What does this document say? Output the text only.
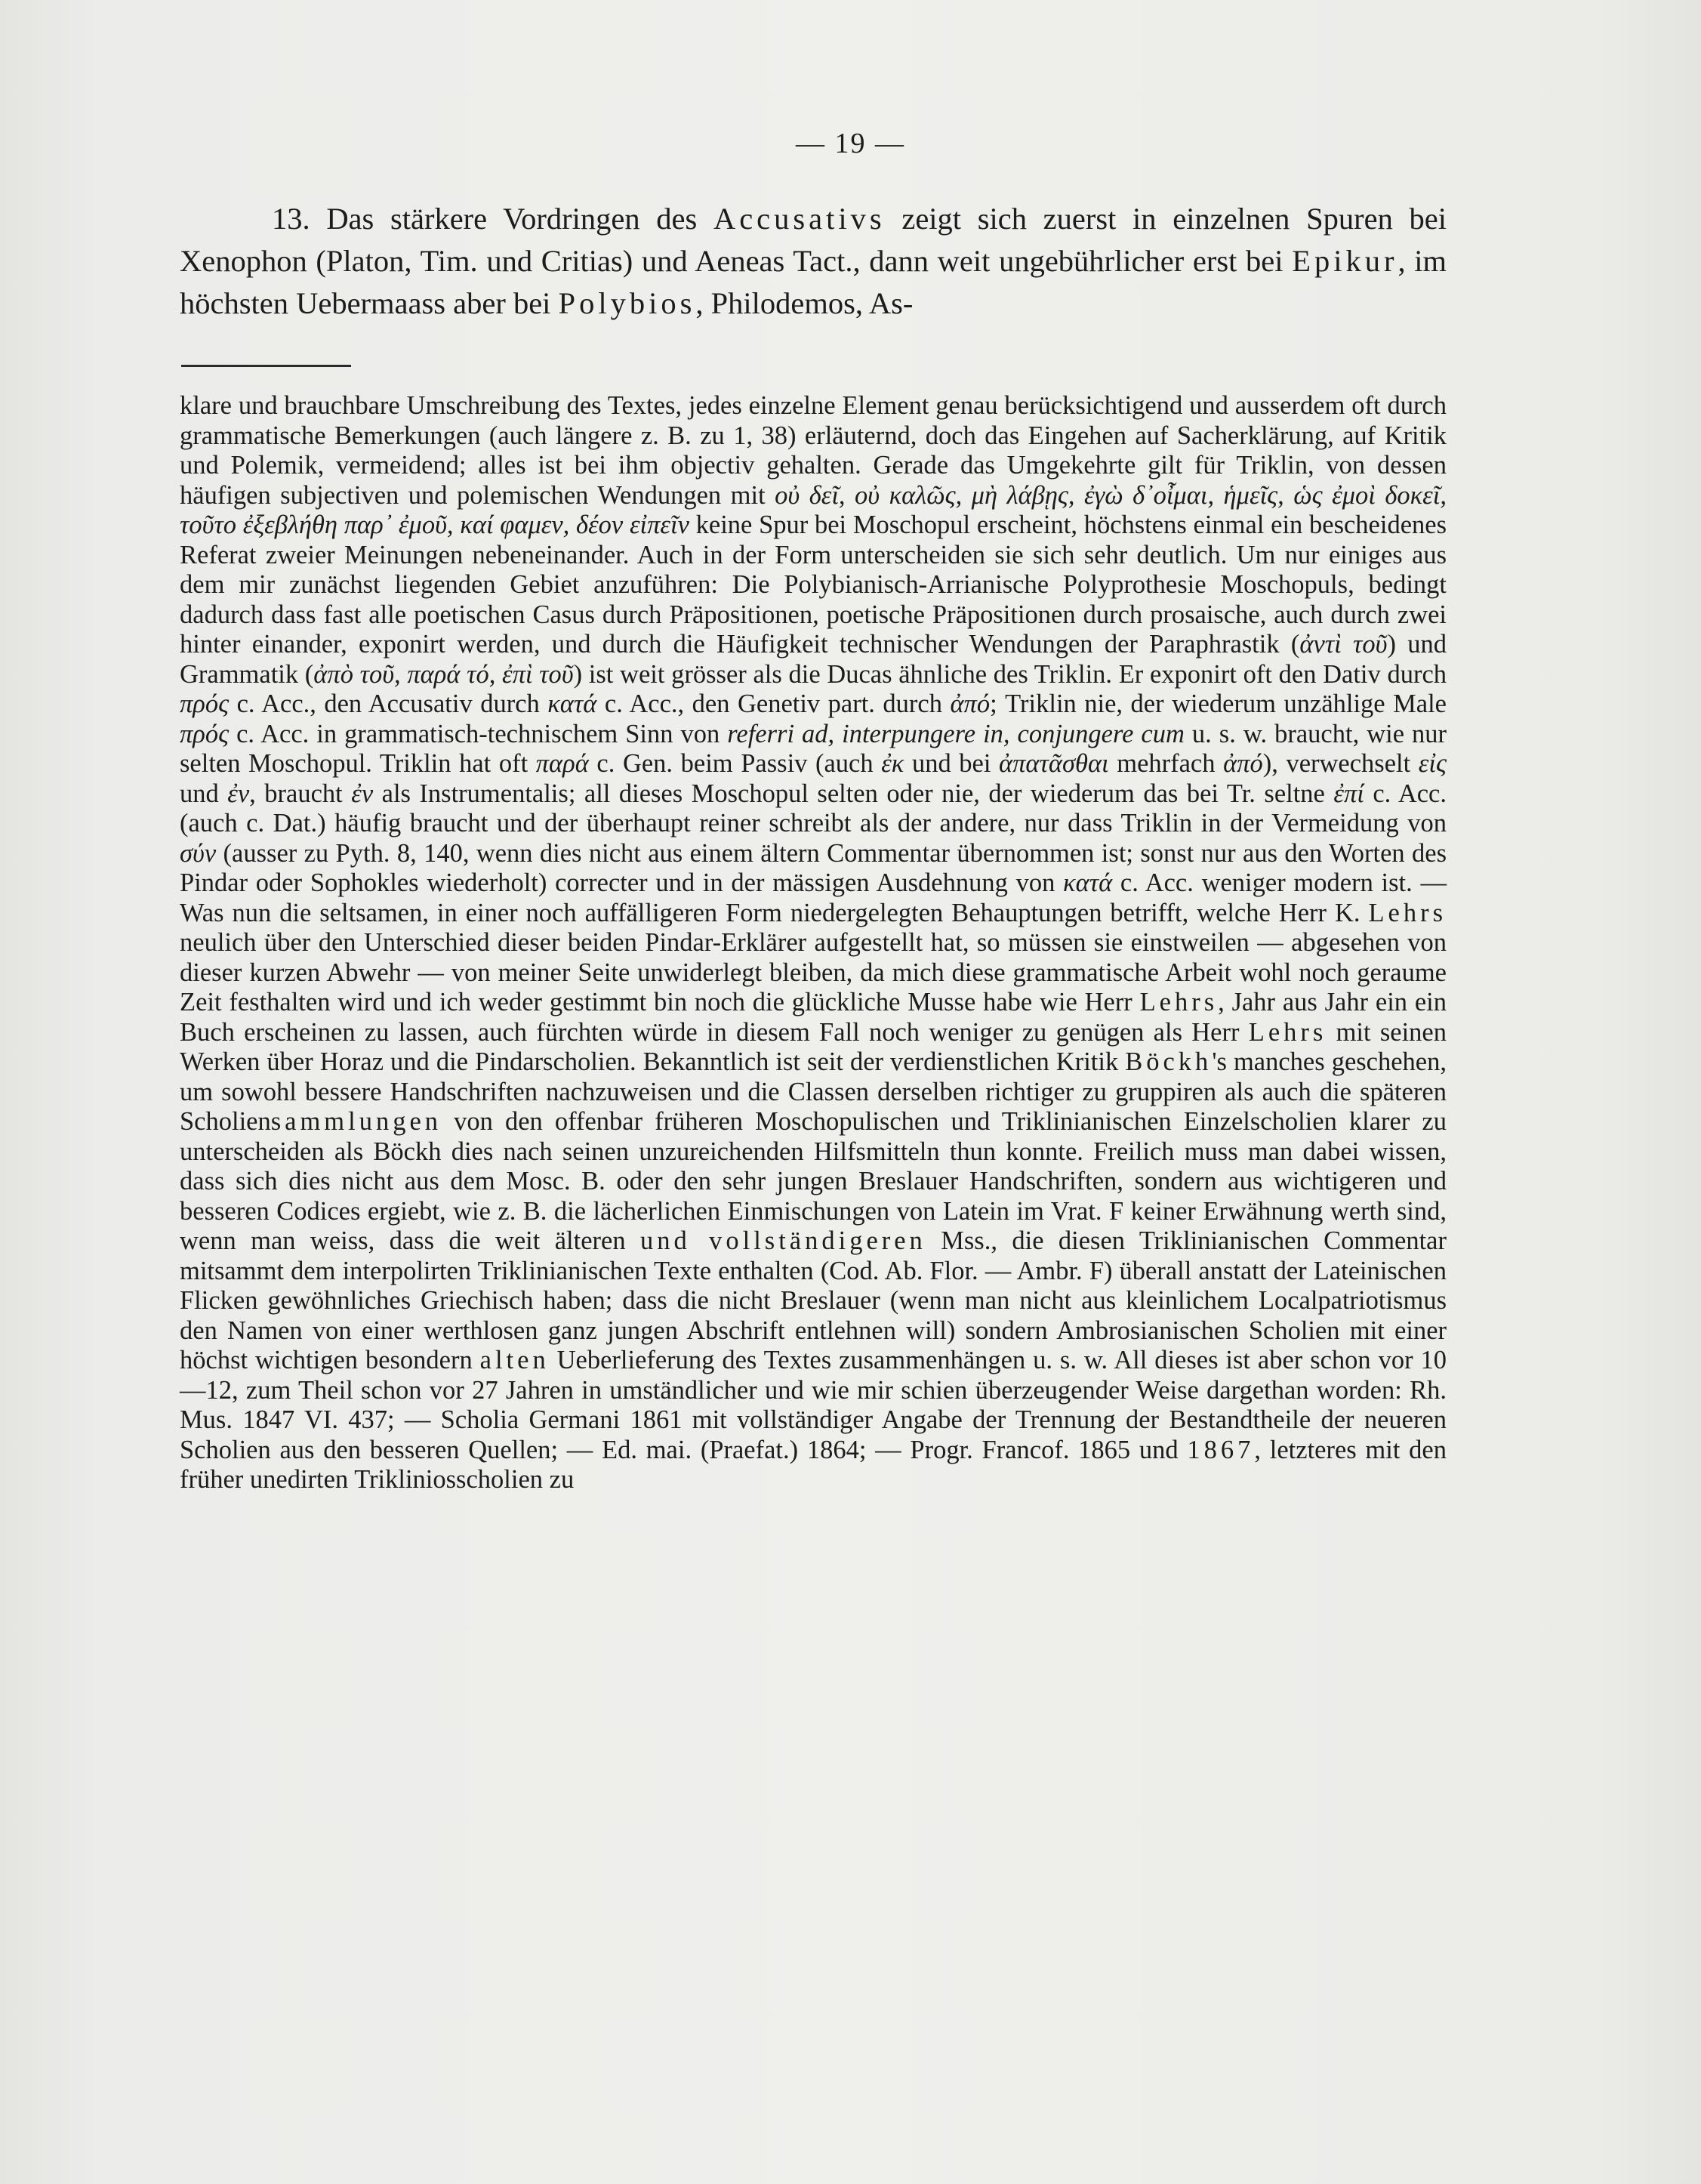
— 19 —

13. Das stärkere Vordringen des Accusativs zeigt sich zuerst in einzelnen Spuren bei Xenophon (Platon, Tim. und Critias) und Aeneas Tact., dann weit ungebührlicher erst bei Epikur, im höchsten Uebermaass aber bei Polybios, Philodemos, As-

klare und brauchbare Umschreibung des Textes, jedes einzelne Element genau berücksichtigend und ausserdem oft durch grammatische Bemerkungen (auch längere z. B. zu 1, 38) erläuternd, doch das Eingehen auf Sacherklärung, auf Kritik und Polemik, vermeidend; alles ist bei ihm objectiv gehalten. Gerade das Umgekehrte gilt für Triklin, von dessen häufigen subjectiven und polemischen Wendungen mit οὐ δεῖ, οὐ καλῶς, μὴ λάβῃς, ἐγὼ δ᾽οἶμαι, ἡμεῖς, ὡς ἐμοὶ δοκεῖ, τοῦτο ἐξεβλήθη παρ᾽ ἐμοῦ, καί φαμεν, δέον εἰπεῖν keine Spur bei Moschopul erscheint, höchstens einmal ein bescheidenes Referat zweier Meinungen nebeneinander. Auch in der Form unterscheiden sie sich sehr deutlich. Um nur einiges aus dem mir zunächst liegenden Gebiet anzuführen: Die Polybianisch-Arrianische Polyprothesie Moschopuls, bedingt dadurch dass fast alle poetischen Casus durch Präpositionen, poetische Präpositionen durch prosaische, auch durch zwei hinter einander, exponirt werden, und durch die Häufigkeit technischer Wendungen der Paraphrastik (ἀντὶ τοῦ) und Grammatik (ἀπὸ τοῦ, παρά τό, ἐπὶ τοῦ) ist weit grösser als die Ducas ähnliche des Triklin. Er exponirt oft den Dativ durch πρός c. Acc., den Accusativ durch κατά c. Acc., den Genetiv part. durch ἀπό; Triklin nie, der wiederum unzählige Male πρός c. Acc. in grammatisch-technischem Sinn von referri ad, interpungere in, conjungere cum u. s. w. braucht, wie nur selten Moschopul. Triklin hat oft παρά c. Gen. beim Passiv (auch ἐκ und bei ἀπατᾶσθαι mehrfach ἀπό), verwechselt εἰς und ἐν, braucht ἐν als Instrumentalis; all dieses Moschopul selten oder nie, der wiederum das bei Tr. seltne ἐπί c. Acc. (auch c. Dat.) häufig braucht und der überhaupt reiner schreibt als der andere, nur dass Triklin in der Vermeidung von σύν (ausser zu Pyth. 8, 140, wenn dies nicht aus einem ältern Commentar übernommen ist; sonst nur aus den Worten des Pindar oder Sophokles wiederholt) correcter und in der mässigen Ausdehnung von κατά c. Acc. weniger modern ist. — Was nun die seltsamen, in einer noch auffälligeren Form niedergelegten Behauptungen betrifft, welche Herr K. Lehrs neulich über den Unterschied dieser beiden Pindar-Erklärer aufgestellt hat, so müssen sie einstweilen — abgesehen von dieser kurzen Abwehr — von meiner Seite unwiderlegt bleiben, da mich diese grammatische Arbeit wohl noch geraume Zeit festhalten wird und ich weder gestimmt bin noch die glückliche Musse habe wie Herr Lehrs, Jahr aus Jahr ein ein Buch erscheinen zu lassen, auch fürchten würde in diesem Fall noch weniger zu genügen als Herr Lehrs mit seinen Werken über Horaz und die Pindarscholien. Bekanntlich ist seit der verdienstlichen Kritik Böckh's manches geschehen, um sowohl bessere Handschriften nachzuweisen und die Classen derselben richtiger zu gruppiren als auch die späteren Scholiensammlungen von den offenbar früheren Moschopulischen und Triklinianischen Einzelscholien klarer zu unterscheiden als Böckh dies nach seinen unzureichenden Hilfsmitteln thun konnte. Freilich muss man dabei wissen, dass sich dies nicht aus dem Mosc. B. oder den sehr jungen Breslauer Handschriften, sondern aus wichtigeren und besseren Codices ergiebt, wie z. B. die lächerlichen Einmischungen von Latein im Vrat. F keiner Erwähnung werth sind, wenn man weiss, dass die weit älteren und vollständigeren Mss., die diesen Triklinianischen Commentar mitsammt dem interpolirten Triklinianischen Texte enthalten (Cod. Ab. Flor. — Ambr. F) überall anstatt der Lateinischen Flicken gewöhnliches Griechisch haben; dass die nicht Breslauer (wenn man nicht aus kleinlichem Localpatriotismus den Namen von einer werthlosen ganz jungen Abschrift entlehnen will) sondern Ambrosianischen Scholien mit einer höchst wichtigen besondern alten Ueberlieferung des Textes zusammenhängen u. s. w. All dieses ist aber schon vor 10—12, zum Theil schon vor 27 Jahren in umständlicher und wie mir schien überzeugender Weise dargethan worden: Rh. Mus. 1847 VI. 437; — Scholia Germani 1861 mit vollständiger Angabe der Trennung der Bestandtheile der neueren Scholien aus den besseren Quellen; — Ed. mai. (Praefat.) 1864; — Progr. Francof. 1865 und 1867, letzteres mit den früher unedirten Trikliniosscholien zu
